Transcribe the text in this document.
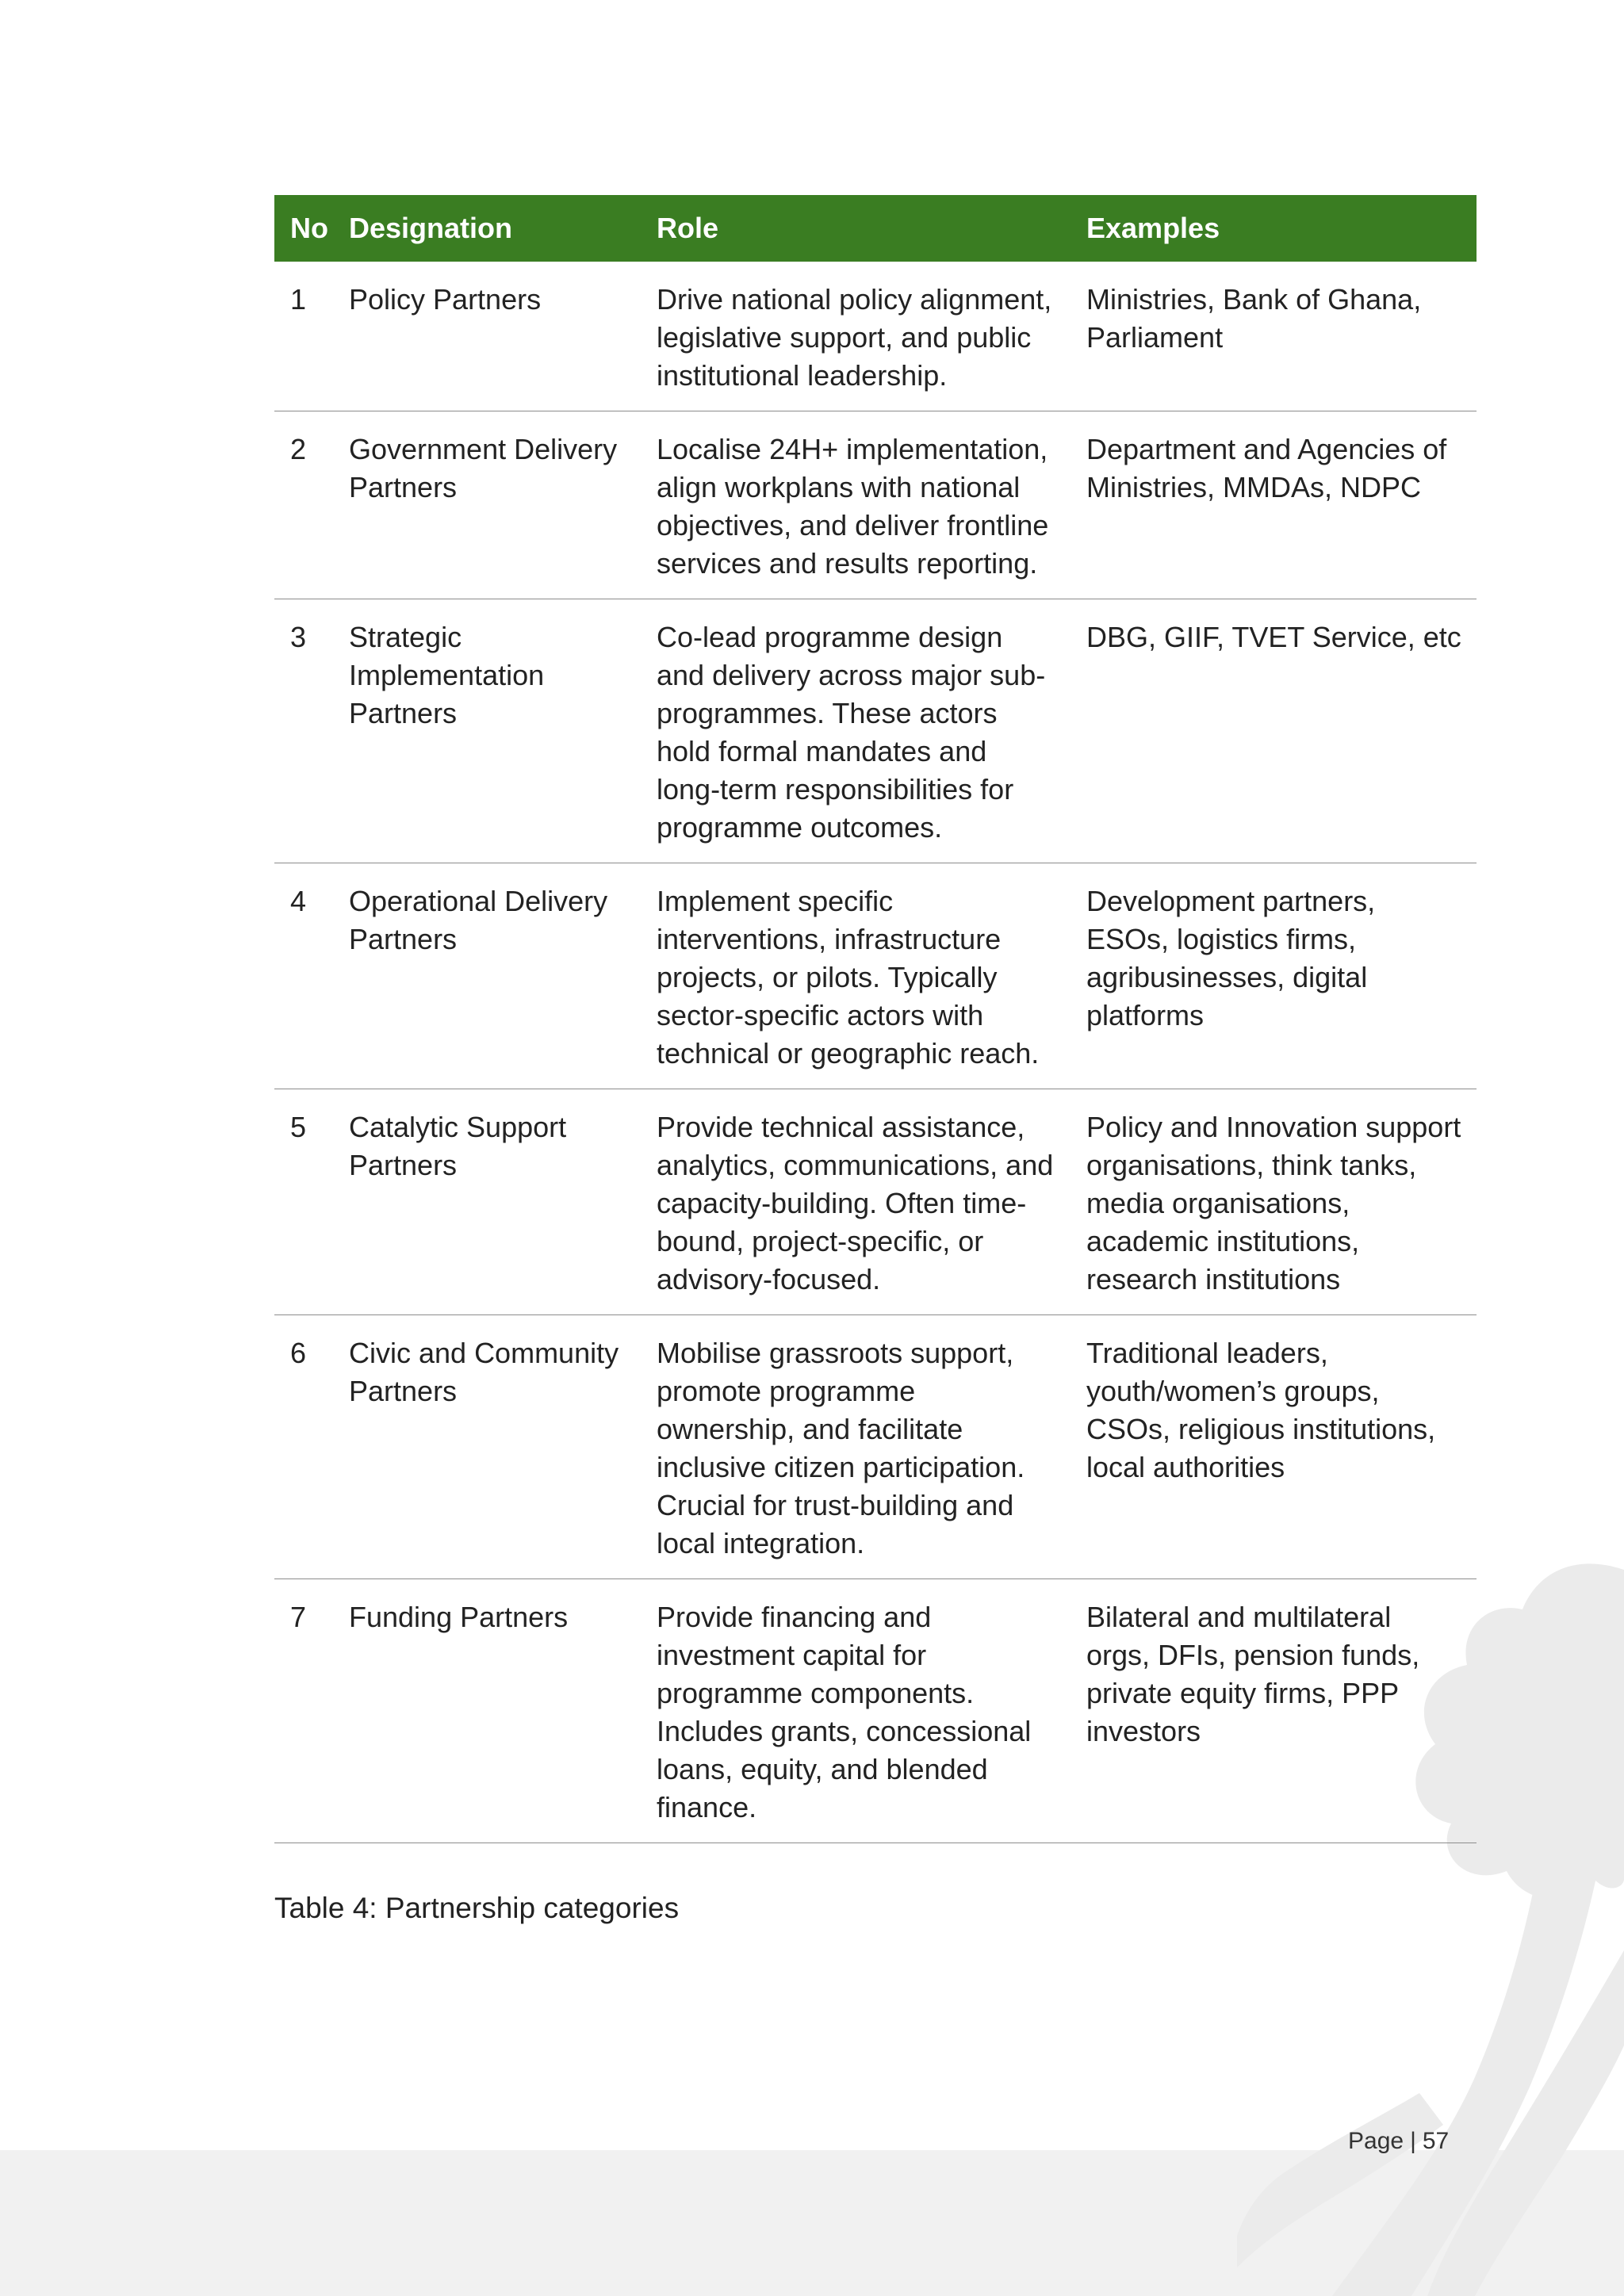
No	Designation	Role	Examples
1	Policy Partners	Drive national policy alignment, legislative support, and public institutional leadership.	Ministries, Bank of Ghana, Parliament
2	Government Delivery Partners	Localise 24H+ implementation, align workplans with national objectives, and deliver frontline services and results reporting.	Department and Agencies of Ministries, MMDAs, NDPC
3	Strategic Implementation Partners	Co-lead programme design and delivery across major sub-programmes. These actors hold formal mandates and long-term responsibilities for programme outcomes.	DBG, GIIF, TVET Service, etc
4	Operational Delivery Partners	Implement specific interventions, infrastructure projects, or pilots. Typically sector-specific actors with technical or geographic reach.	Development partners, ESOs, logistics firms, agribusinesses, digital platforms
5	Catalytic Support Partners	Provide technical assistance, analytics, communications, and capacity-building. Often time-bound, project-specific, or advisory-focused.	Policy and Innovation support organisations, think tanks, media organisations, academic institutions, research institutions
6	Civic and Community Partners	Mobilise grassroots support, promote programme ownership, and facilitate inclusive citizen participation. Crucial for trust-building and local integration.	Traditional leaders, youth/women’s groups, CSOs, religious institutions, local authorities
7	Funding Partners	Provide financing and investment capital for programme components. Includes grants, concessional loans, equity, and blended finance.	Bilateral and multilateral orgs, DFIs, pension funds, private equity firms, PPP investors
Table 4: Partnership categories
Page | 57
